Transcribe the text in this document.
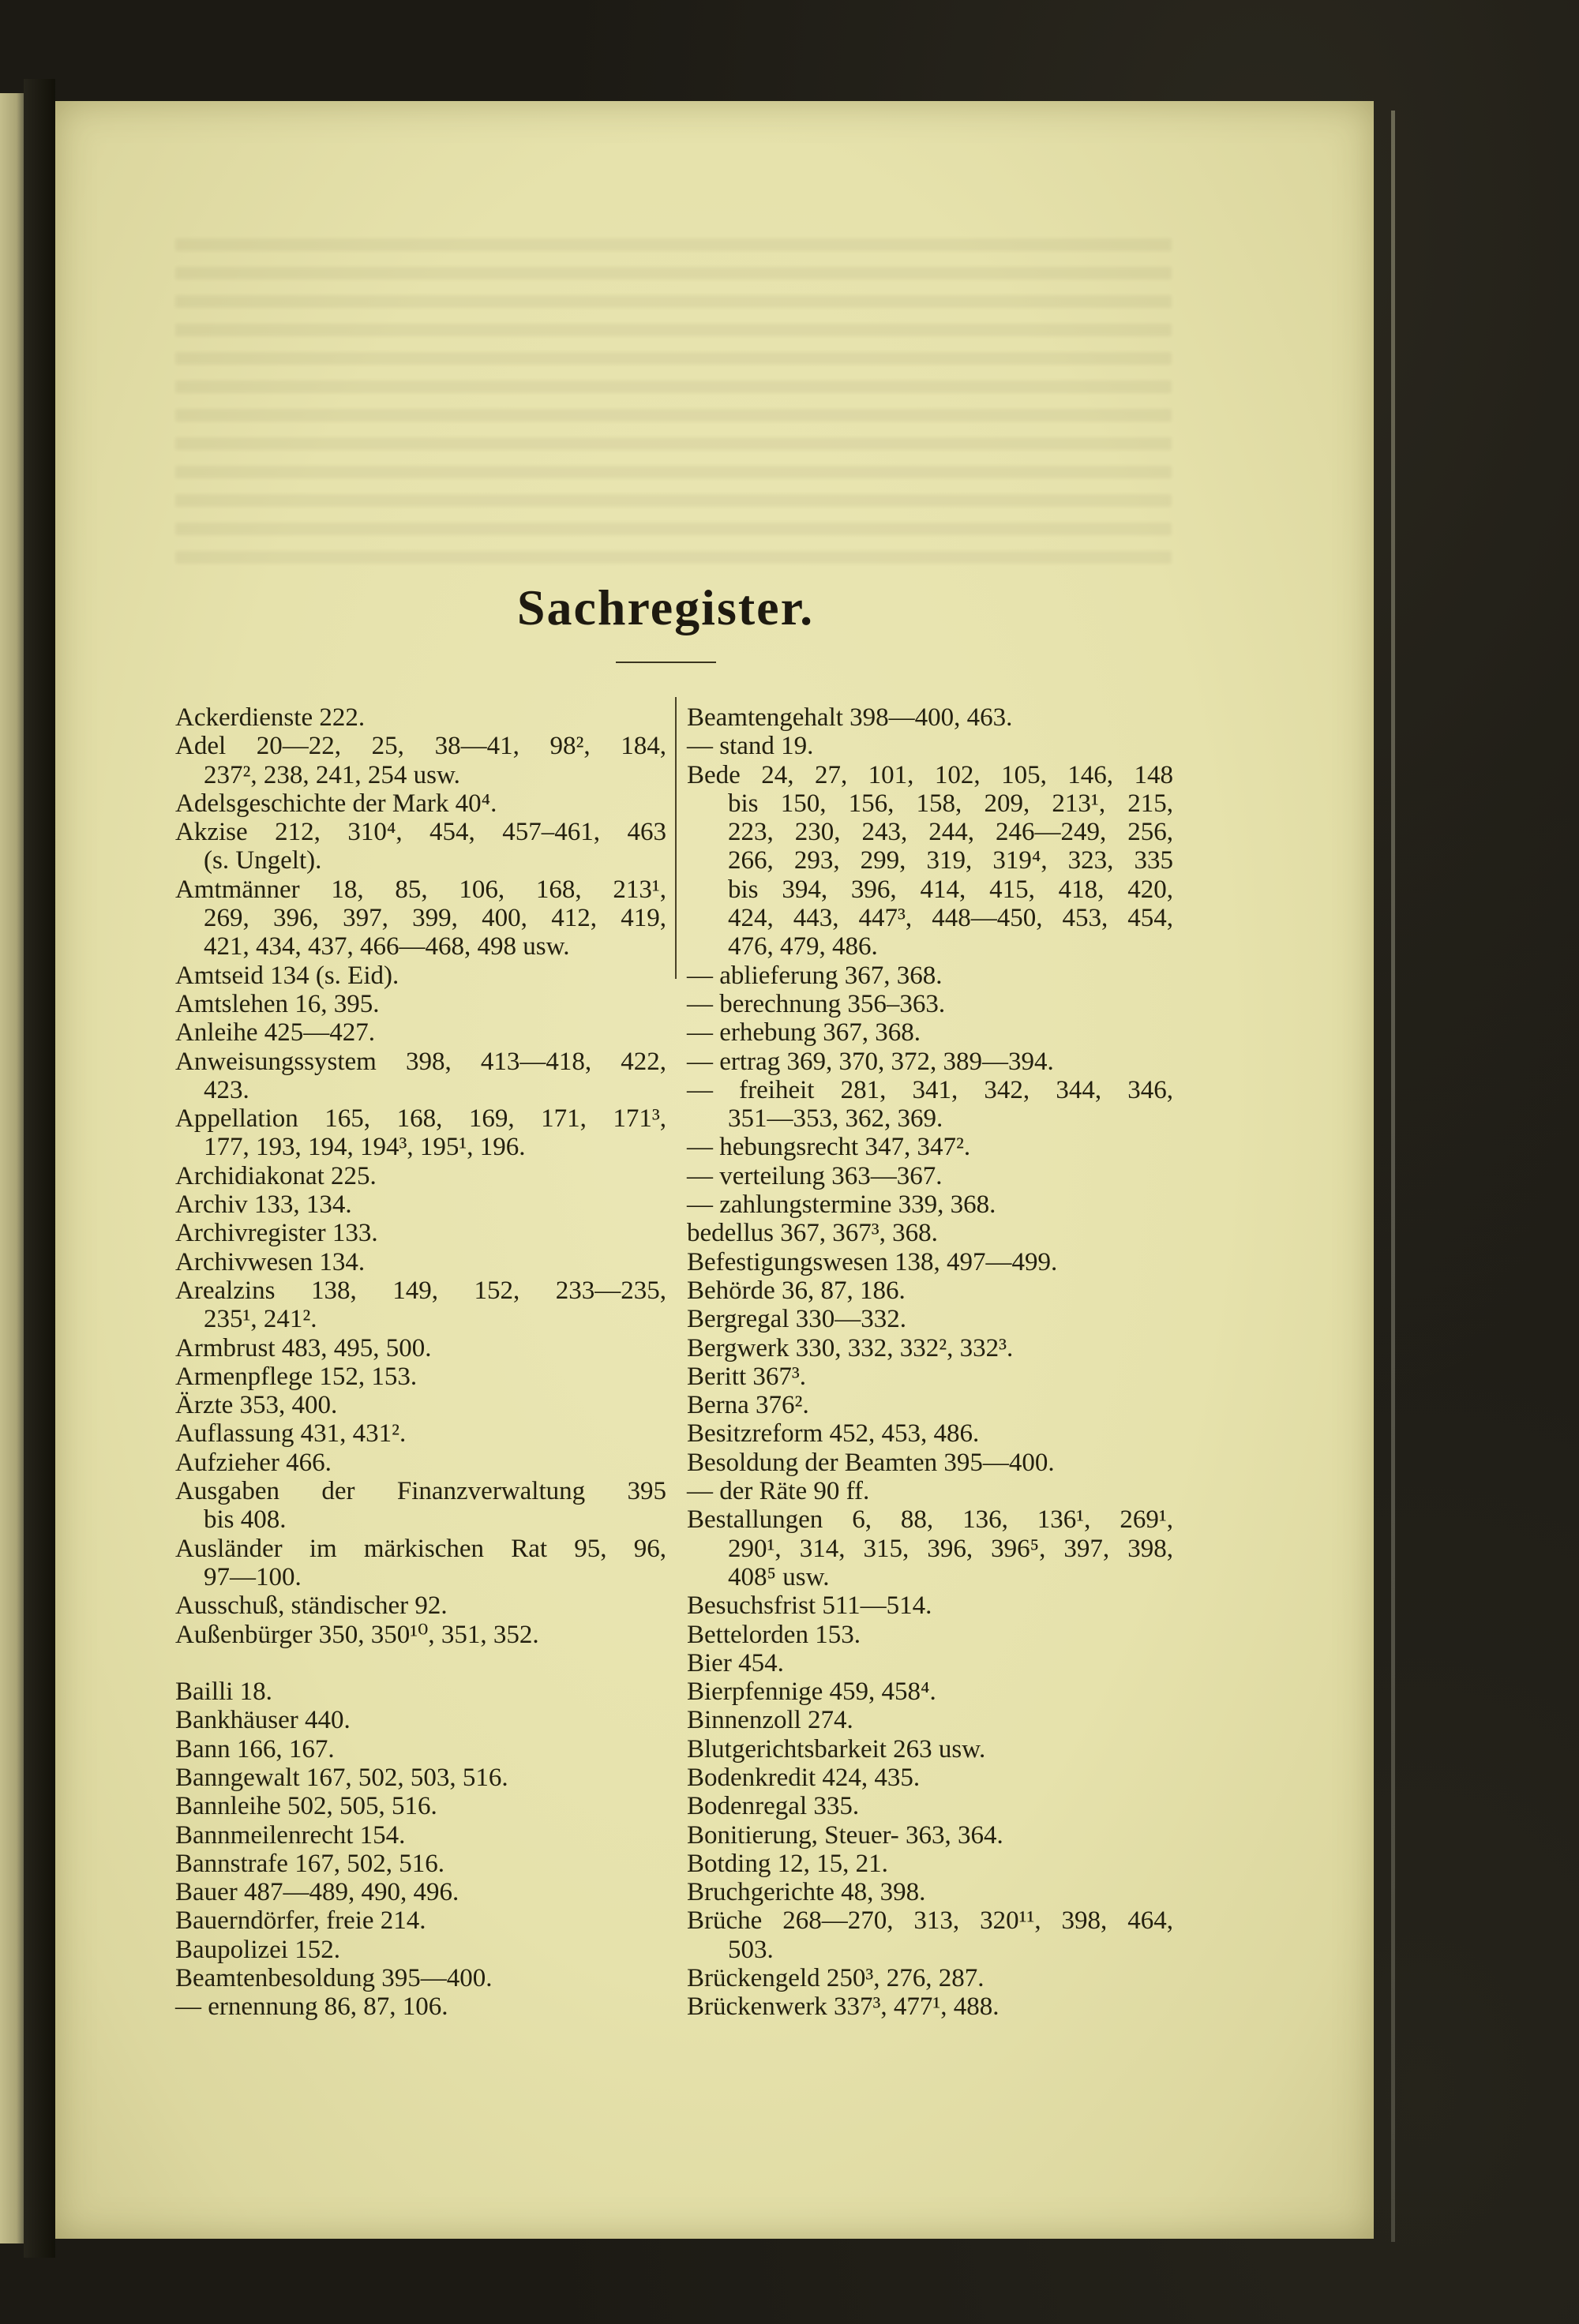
Sachregister.
Ackerdienste 222.
Adel 20—22, 25, 38—41, 98², 184,
237², 238, 241, 254 usw.
Adelsgeschichte der Mark 40⁴.
Akzise 212, 310⁴, 454, 457–461, 463
(s. Ungelt).
Amtmänner 18, 85, 106, 168, 213¹,
269, 396, 397, 399, 400, 412, 419,
421, 434, 437, 466—468, 498 usw.
Amtseid 134 (s. Eid).
Amtslehen 16, 395.
Anleihe 425—427.
Anweisungssystem 398, 413—418, 422,
423.
Appellation 165, 168, 169, 171, 171³,
177, 193, 194, 194³, 195¹, 196.
Archidiakonat 225.
Archiv 133, 134.
Archivregister 133.
Archivwesen 134.
Arealzins 138, 149, 152, 233—235,
235¹, 241².
Armbrust 483, 495, 500.
Armenpflege 152, 153.
Ärzte 353, 400.
Auflassung 431, 431².
Aufzieher 466.
Ausgaben der Finanzverwaltung 395
bis 408.
Ausländer im märkischen Rat 95, 96,
97—100.
Ausschuß, ständischer 92.
Außenbürger 350, 350¹⁰, 351, 352.
Bailli 18.
Bankhäuser 440.
Bann 166, 167.
Banngewalt 167, 502, 503, 516.
Bannleihe 502, 505, 516.
Bannmeilenrecht 154.
Bannstrafe 167, 502, 516.
Bauer 487—489, 490, 496.
Bauerndörfer, freie 214.
Baupolizei 152.
Beamtenbesoldung 395—400.
— ernennung 86, 87, 106.
Beamtengehalt 398—400, 463.
— stand 19.
Bede 24, 27, 101, 102, 105, 146, 148
bis 150, 156, 158, 209, 213¹, 215,
223, 230, 243, 244, 246—249, 256,
266, 293, 299, 319, 319⁴, 323, 335
bis 394, 396, 414, 415, 418, 420,
424, 443, 447³, 448—450, 453, 454,
476, 479, 486.
— ablieferung 367, 368.
— berechnung 356–363.
— erhebung 367, 368.
— ertrag 369, 370, 372, 389—394.
— freiheit 281, 341, 342, 344, 346,
351—353, 362, 369.
— hebungsrecht 347, 347².
— verteilung 363—367.
— zahlungstermine 339, 368.
bedellus 367, 367³, 368.
Befestigungswesen 138, 497—499.
Behörde 36, 87, 186.
Bergregal 330—332.
Bergwerk 330, 332, 332², 332³.
Beritt 367³.
Berna 376².
Besitzreform 452, 453, 486.
Besoldung der Beamten 395—400.
— der Räte 90 ff.
Bestallungen 6, 88, 136, 136¹, 269¹,
290¹, 314, 315, 396, 396⁵, 397, 398,
408⁵ usw.
Besuchsfrist 511—514.
Bettelorden 153.
Bier 454.
Bierpfennige 459, 458⁴.
Binnenzoll 274.
Blutgerichtsbarkeit 263 usw.
Bodenkredit 424, 435.
Bodenregal 335.
Bonitierung, Steuer- 363, 364.
Botding 12, 15, 21.
Bruchgerichte 48, 398.
Brüche 268—270, 313, 320¹¹, 398, 464,
503.
Brückengeld 250³, 276, 287.
Brückenwerk 337³, 477¹, 488.
